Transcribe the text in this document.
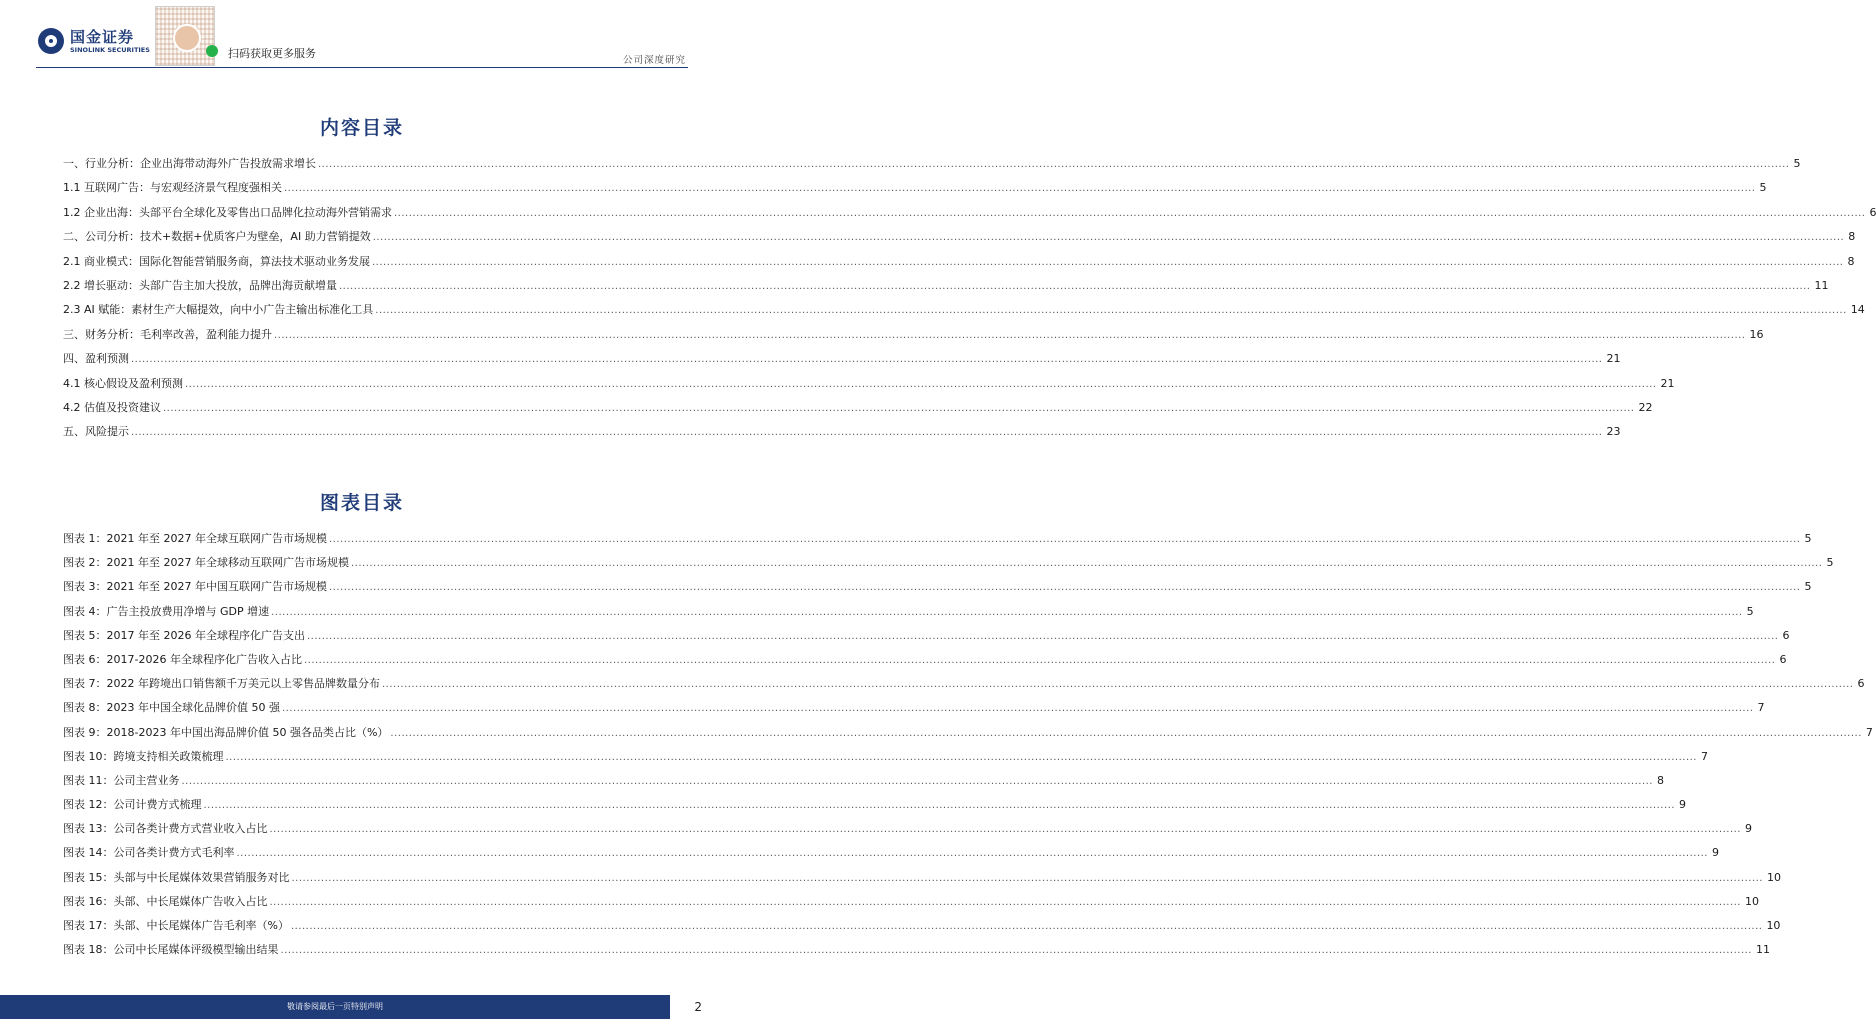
国金证券
SINOLINK SECURITIES	扫码获取更多服务
公司深度研究
内容目录
一、行业分析：企业出海带动海外广告投放需求增长 ................................................................................................................................................................................................................................................................................................................................................................................................................ 5
1.1 互联网广告：与宏观经济景气程度强相关 ................................................................................................................................................................................................................................................................................................................................................................................................................ 5
1.2 企业出海：头部平台全球化及零售出口品牌化拉动海外营销需求 ................................................................................................................................................................................................................................................................................................................................................................................................................ 6
二、公司分析：技术+数据+优质客户为壁垒，AI 助力营销提效 ................................................................................................................................................................................................................................................................................................................................................................................................................ 8
2.1 商业模式：国际化智能营销服务商，算法技术驱动业务发展 ................................................................................................................................................................................................................................................................................................................................................................................................................ 8
2.2 增长驱动：头部广告主加大投放，品牌出海贡献增量 ................................................................................................................................................................................................................................................................................................................................................................................................................ 11
2.3 AI 赋能：素材生产大幅提效，向中小广告主输出标准化工具 ................................................................................................................................................................................................................................................................................................................................................................................................................ 14
三、财务分析：毛利率改善，盈利能力提升 ................................................................................................................................................................................................................................................................................................................................................................................................................ 16
四、盈利预测 ................................................................................................................................................................................................................................................................................................................................................................................................................ 21
4.1 核心假设及盈利预测 ................................................................................................................................................................................................................................................................................................................................................................................................................ 21
4.2 估值及投资建议 ................................................................................................................................................................................................................................................................................................................................................................................................................ 22
五、风险提示 ................................................................................................................................................................................................................................................................................................................................................................................................................ 23
图表目录
图表 1： 2021 年至 2027 年全球互联网广告市场规模 ................................................................................................................................................................................................................................................................................................................................................................................................................ 5
图表 2： 2021 年至 2027 年全球移动互联网广告市场规模 ................................................................................................................................................................................................................................................................................................................................................................................................................ 5
图表 3： 2021 年至 2027 年中国互联网广告市场规模 ................................................................................................................................................................................................................................................................................................................................................................................................................ 5
图表 4： 广告主投放费用净增与 GDP 增速 ................................................................................................................................................................................................................................................................................................................................................................................................................ 5
图表 5： 2017 年至 2026 年全球程序化广告支出 ................................................................................................................................................................................................................................................................................................................................................................................................................ 6
图表 6： 2017-2026 年全球程序化广告收入占比 ................................................................................................................................................................................................................................................................................................................................................................................................................ 6
图表 7： 2022 年跨境出口销售额千万美元以上零售品牌数量分布 ................................................................................................................................................................................................................................................................................................................................................................................................................ 6
图表 8： 2023 年中国全球化品牌价值 50 强 ................................................................................................................................................................................................................................................................................................................................................................................................................ 7
图表 9： 2018-2023 年中国出海品牌价值 50 强各品类占比（%） ................................................................................................................................................................................................................................................................................................................................................................................................................ 7
图表 10： 跨境支持相关政策梳理 ................................................................................................................................................................................................................................................................................................................................................................................................................ 7
图表 11： 公司主营业务 ................................................................................................................................................................................................................................................................................................................................................................................................................ 8
图表 12： 公司计费方式梳理 ................................................................................................................................................................................................................................................................................................................................................................................................................ 9
图表 13： 公司各类计费方式营业收入占比 ................................................................................................................................................................................................................................................................................................................................................................................................................ 9
图表 14： 公司各类计费方式毛利率 ................................................................................................................................................................................................................................................................................................................................................................................................................ 9
图表 15： 头部与中长尾媒体效果营销服务对比 ................................................................................................................................................................................................................................................................................................................................................................................................................ 10
图表 16： 头部、中长尾媒体广告收入占比 ................................................................................................................................................................................................................................................................................................................................................................................................................ 10
图表 17： 头部、中长尾媒体广告毛利率（%） ................................................................................................................................................................................................................................................................................................................................................................................................................ 10
图表 18： 公司中长尾媒体评级模型输出结果 ................................................................................................................................................................................................................................................................................................................................................................................................................ 11
敬请参阅最后一页特别声明	2
